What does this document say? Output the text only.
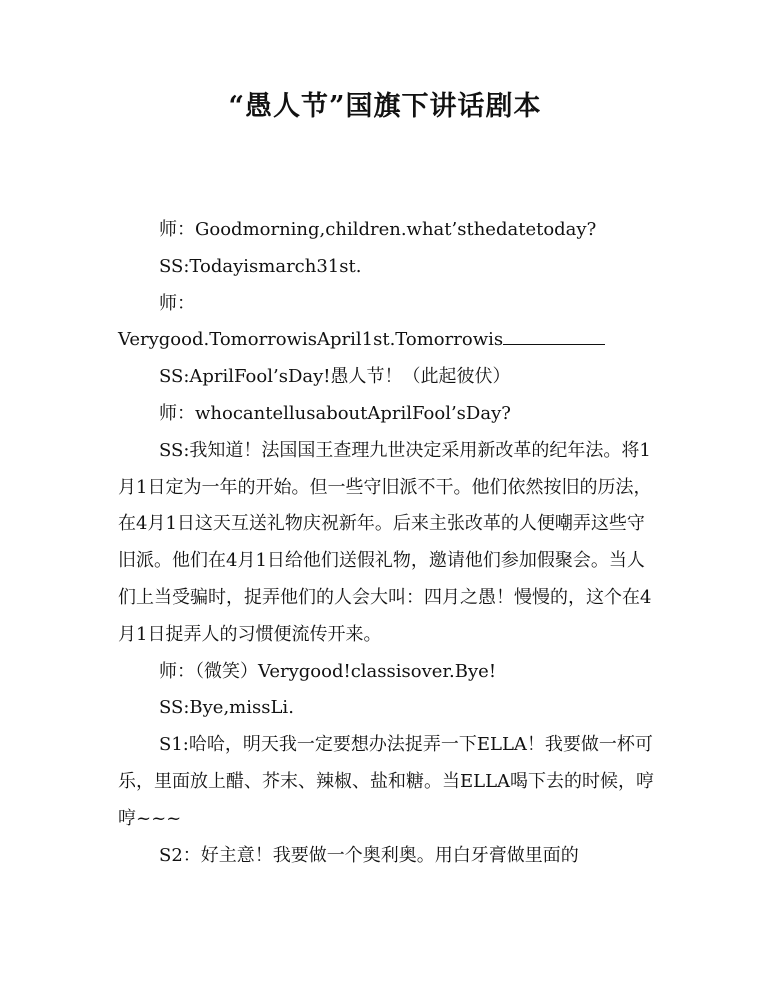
“愚人节”国旗下讲话剧本

师：Goodmorning,children.what’sthedatetoday?

SS:Todayismarch31st.

师：

Verygood.TomorrowisApril1st.Tomorrowis

SS:AprilFool’sDay!愚人节！（此起彼伏）

师：whocantellusaboutAprilFool’sDay?

SS:我知道！法国国王查理九世决定采用新改革的纪年法。将1月1日定为一年的开始。但一些守旧派不干。他们依然按旧的历法，在4月1日这天互送礼物庆祝新年。后来主张改革的人便嘲弄这些守旧派。他们在4月1日给他们送假礼物，邀请他们参加假聚会。当人们上当受骗时，捉弄他们的人会大叫：四月之愚！慢慢的，这个在4月1日捉弄人的习惯便流传开来。

师：（微笑）Verygood!classisover.Bye!

SS:Bye,missLi.

S1:哈哈，明天我一定要想办法捉弄一下ELLA！我要做一杯可乐，里面放上醋、芥末、辣椒、盐和糖。当ELLA喝下去的时候，哼哼~~~

S2：好主意！我要做一个奥利奥。用白牙膏做里面的
